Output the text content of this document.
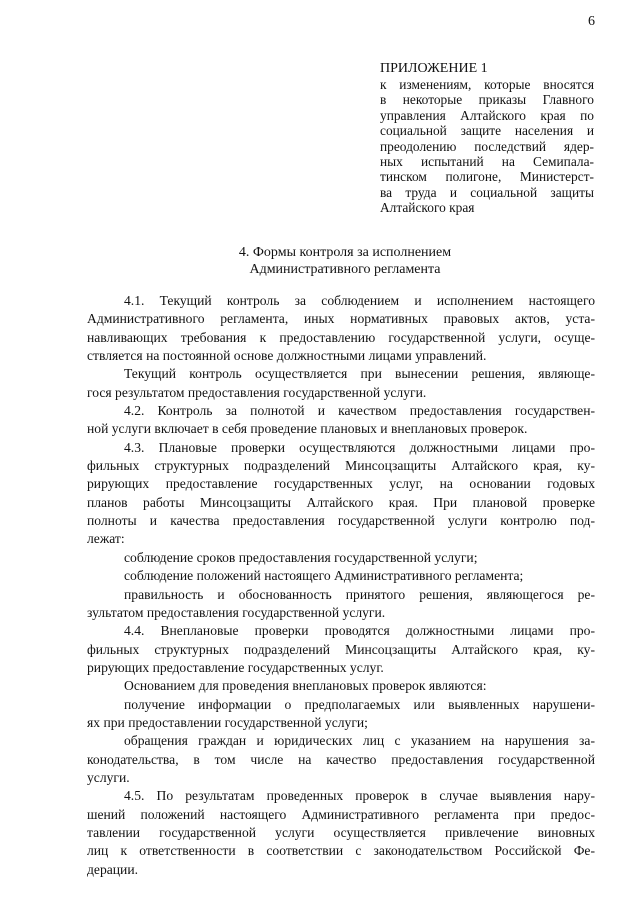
6
ПРИЛОЖЕНИЕ 1
к изменениям, которые вносятся
в некоторые приказы Главного
управления Алтайского края по
социальной защите населения и
преодолению последствий ядер-
ных испытаний на Семипала-
тинском полигоне, Министерст-
ва труда и социальной защиты
Алтайского края
4. Формы контроля за исполнением
Административного регламента
4.1. Текущий контроль за соблюдением и исполнением настоящего
Административного регламента, иных нормативных правовых актов, уста-
навливающих требования к предоставлению государственной услуги, осуще-
ствляется на постоянной основе должностными лицами управлений.
Текущий контроль осуществляется при вынесении решения, являюще-
гося результатом предоставления государственной услуги.
4.2. Контроль за полнотой и качеством предоставления государствен-
ной услуги включает в себя проведение плановых и внеплановых проверок.
4.3. Плановые проверки осуществляются должностными лицами про-
фильных структурных подразделений Минсоцзащиты Алтайского края, ку-
рирующих предоставление государственных услуг, на основании годовых
планов работы Минсоцзащиты Алтайского края. При плановой проверке
полноты и качества предоставления государственной услуги контролю под-
лежат:
соблюдение сроков предоставления государственной услуги;
соблюдение положений настоящего Административного регламента;
правильность и обоснованность принятого решения, являющегося ре-
зультатом предоставления государственной услуги.
4.4. Внеплановые проверки проводятся должностными лицами про-
фильных структурных подразделений Минсоцзащиты Алтайского края, ку-
рирующих предоставление государственных услуг.
Основанием для проведения внеплановых проверок являются:
получение информации о предполагаемых или выявленных нарушени-
ях при предоставлении государственной услуги;
обращения граждан и юридических лиц с указанием на нарушения за-
конодательства, в том числе на качество предоставления государственной
услуги.
4.5. По результатам проведенных проверок в случае выявления нару-
шений положений настоящего Административного регламента при предос-
тавлении государственной услуги осуществляется привлечение виновных
лиц к ответственности в соответствии с законодательством Российской Фе-
дерации.
